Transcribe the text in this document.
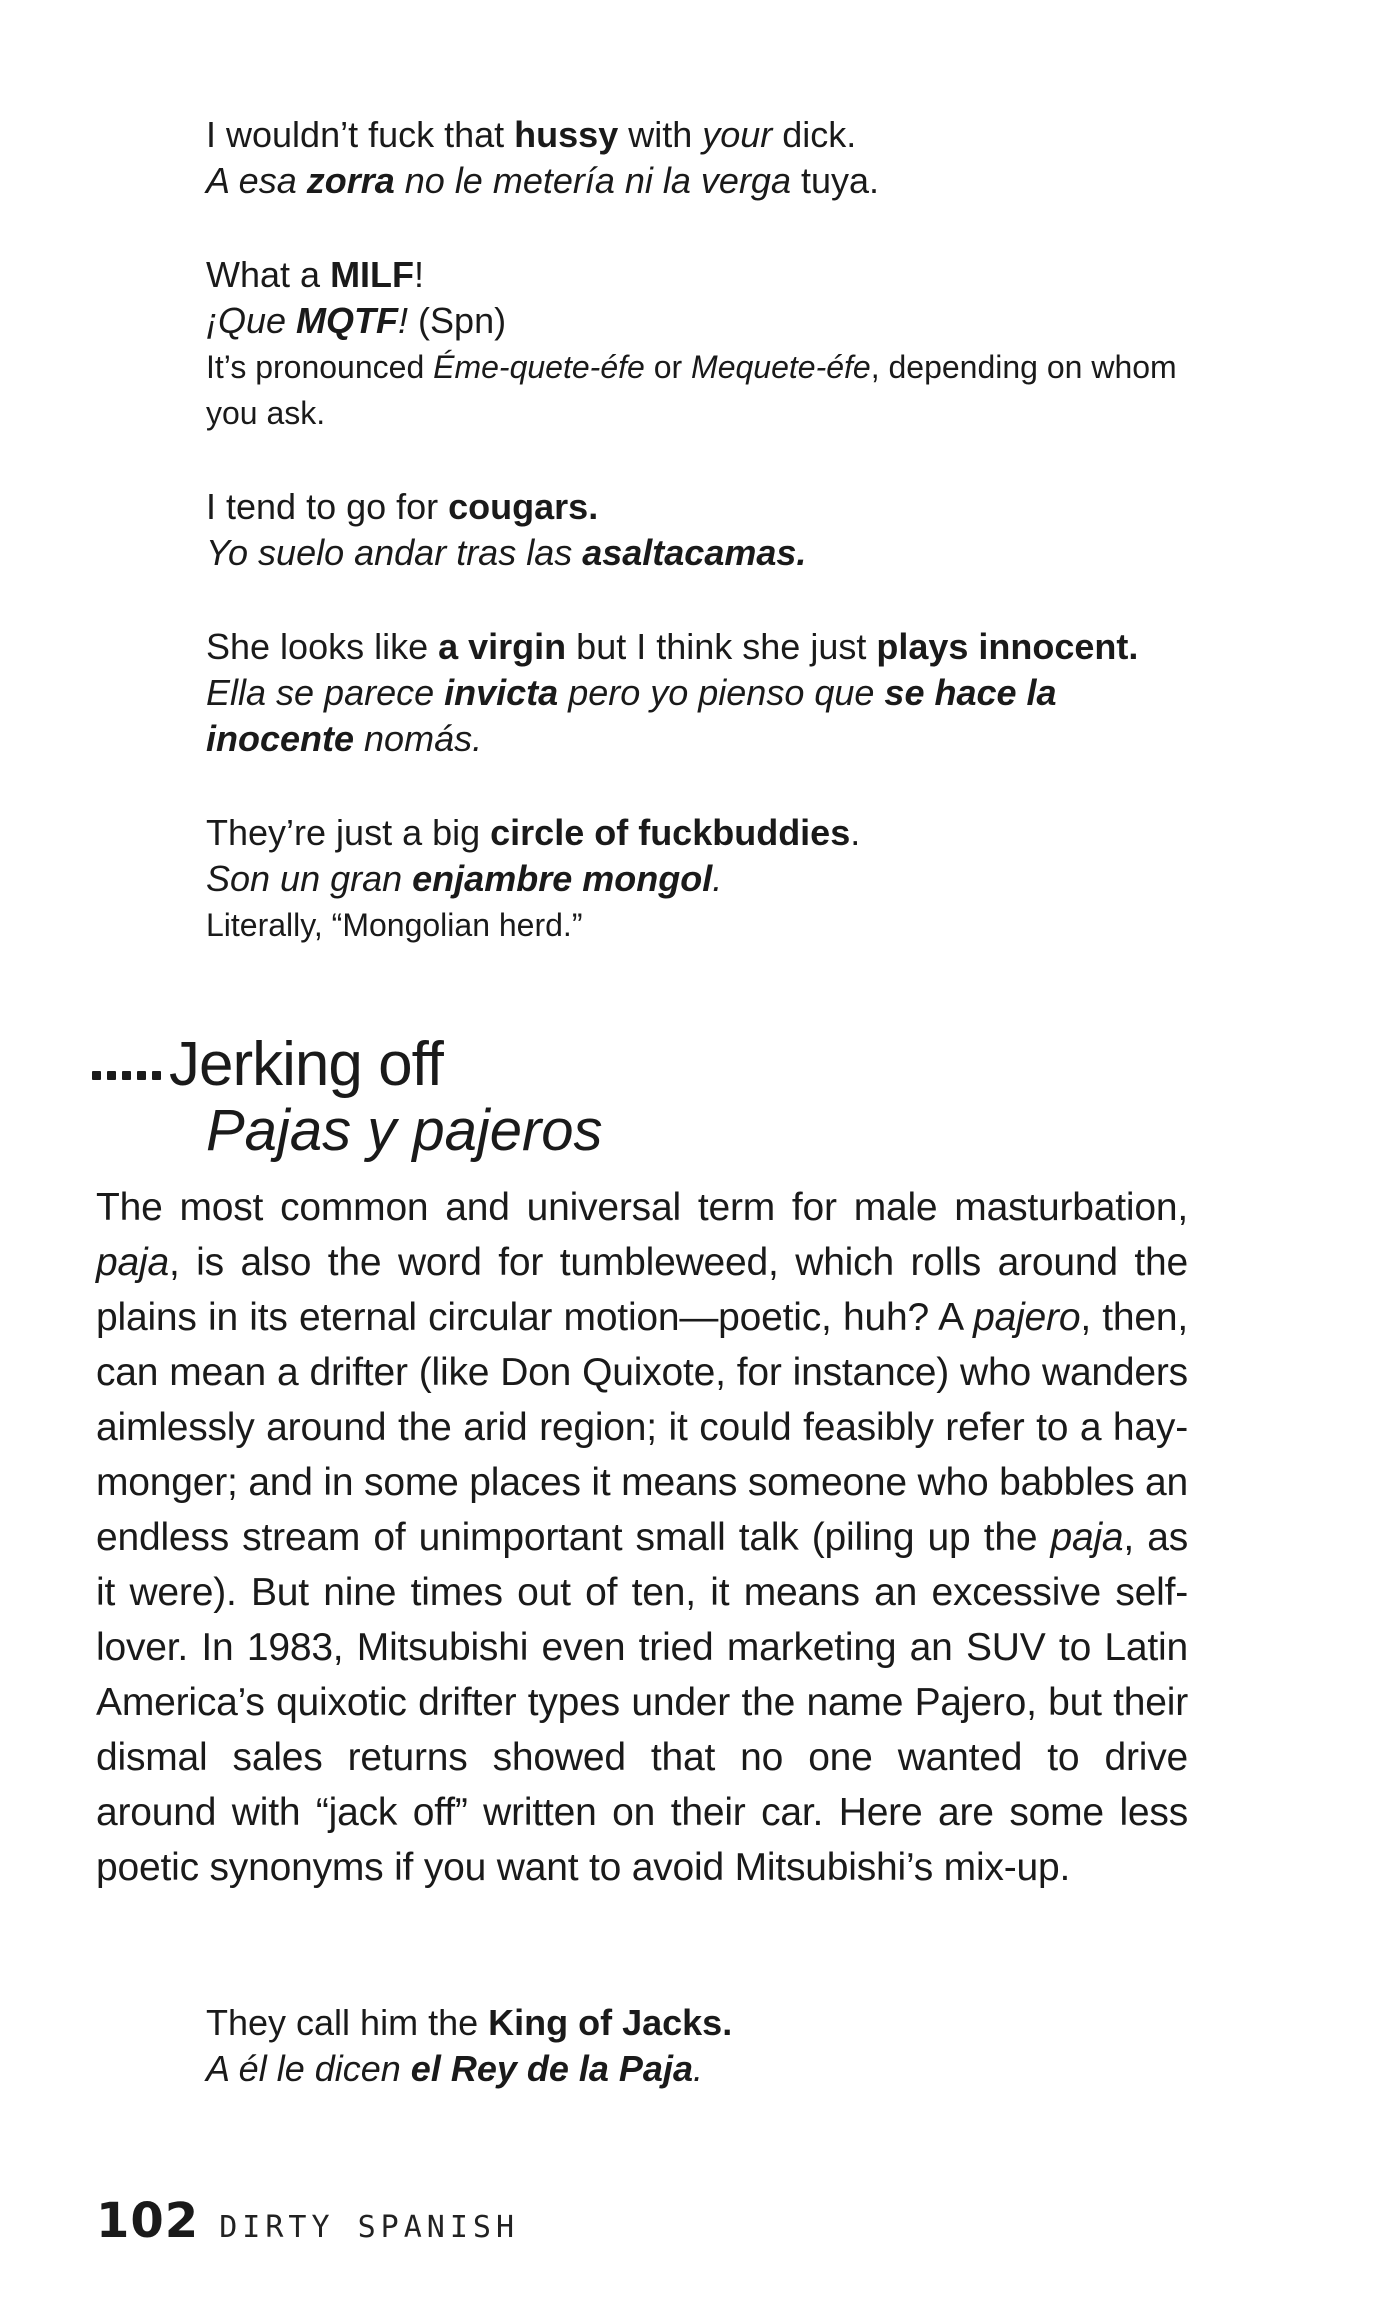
I wouldn’t fuck that hussy with your dick.
A esa zorra no le metería ni la verga tuya.
What a MILF!
¡Que MQTF! (Spn)
It’s pronounced Éme-quete-éfe or Mequete-éfe, depending on whom you ask.
I tend to go for cougars.
Yo suelo andar tras las asaltacamas.
She looks like a virgin but I think she just plays innocent.
Ella se parece invicta pero yo pienso que se hace la inocente nomás.
They’re just a big circle of fuckbuddies.
Son un gran enjambre mongol.
Literally, “Mongolian herd.”
Jerking off
Pajas y pajeros
The most common and universal term for male masturbation, paja, is also the word for tumbleweed, which rolls around the plains in its eternal circular motion—poetic, huh? A pajero, then, can mean a drifter (like Don Quixote, for instance) who wanders aimlessly around the arid region; it could feasibly refer to a hay-monger; and in some places it means someone who babbles an endless stream of unimportant small talk (piling up the paja, as it were). But nine times out of ten, it means an excessive self-lover. In 1983, Mitsubishi even tried marketing an SUV to Latin America’s quixotic drifter types under the name Pajero, but their dismal sales returns showed that no one wanted to drive around with “jack off” written on their car. Here are some less poetic synonyms if you want to avoid Mitsubishi’s mix-up.
They call him the King of Jacks.
A él le dicen el Rey de la Paja.
102 DIRTY SPANISH
